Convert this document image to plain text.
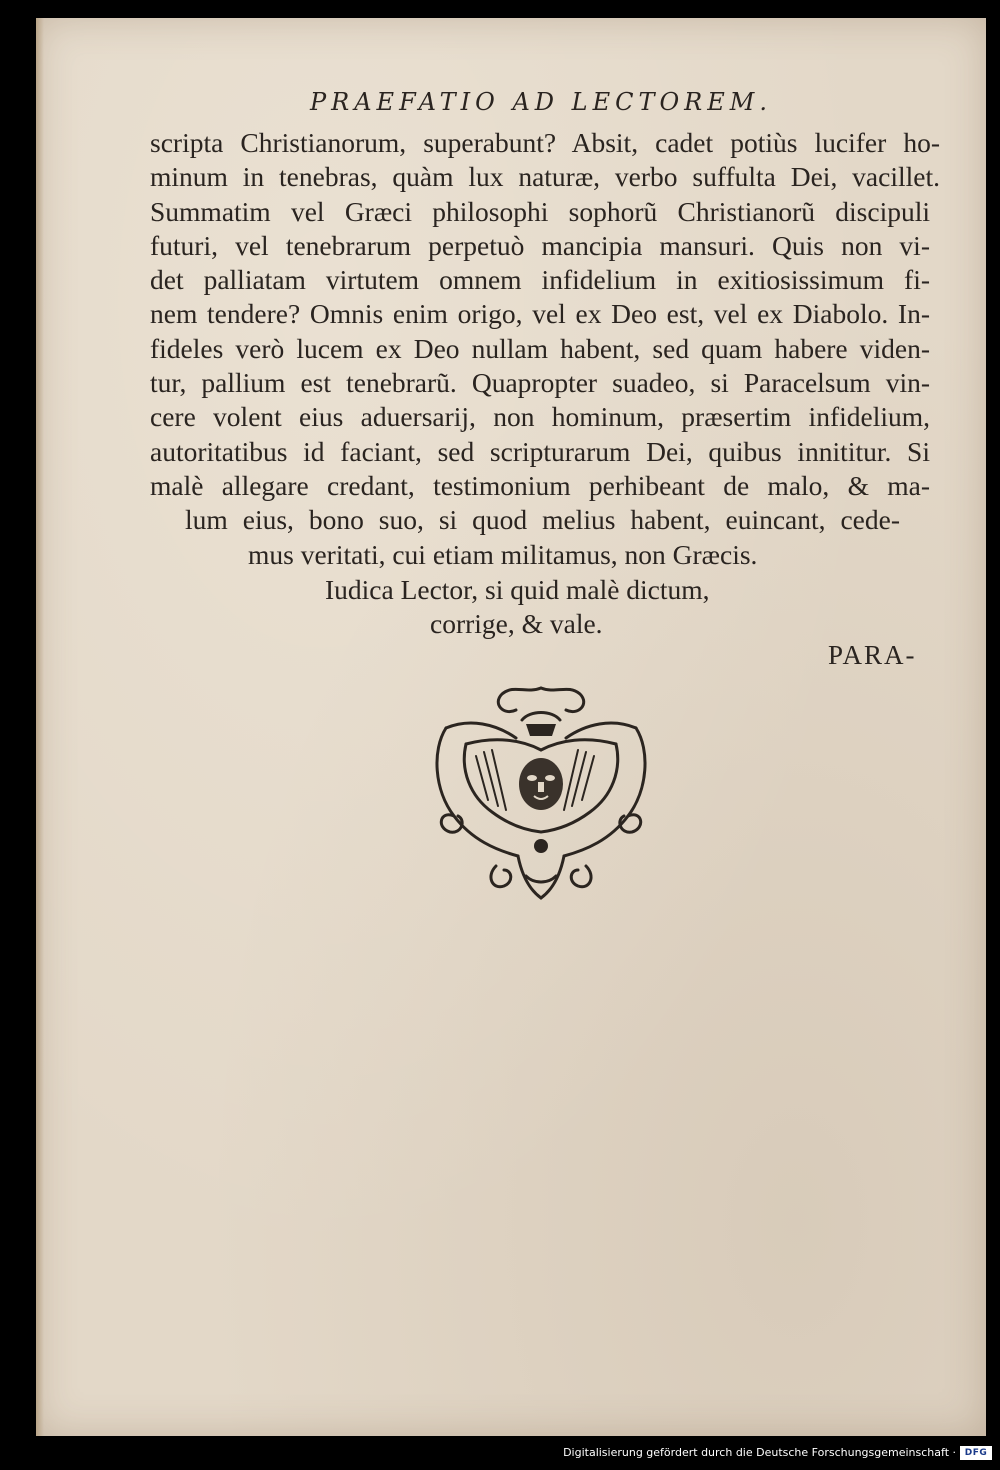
PRAEFATIO AD LECTOREM.
scripta Christianorum, superabunt? Absit, cadet potiùs lucifer ho-
minum in tenebras, quàm lux naturæ, verbo suffulta Dei, vacillet.
Summatim vel Græci philosophi sophorũ Christianorũ discipuli
futuri, vel tenebrarum perpetuò mancipia mansuri. Quis non vi-
det palliatam virtutem omnem infidelium in exitiosissimum fi-
nem tendere? Omnis enim origo, vel ex Deo est, vel ex Diabolo. In-
fideles verò lucem ex Deo nullam habent, sed quam habere viden-
tur, pallium est tenebrarũ. Quapropter suadeo, si Paracelsum vin-
cere volent eius aduersarij, non hominum, præsertim infidelium,
autoritatibus id faciant, sed scripturarum Dei, quibus innititur. Si
malè allegare credant, testimonium perhibeant de malo, & ma-
lum eius, bono suo, si quod melius habent, euincant, cede-
mus veritati, cui etiam militamus, non Græcis.
Iudica Lector, si quid malè dictum,
corrige, & vale.
PARA-
Digitalisierung gefördert durch die Deutsche Forschungsgemeinschaft · DFG
